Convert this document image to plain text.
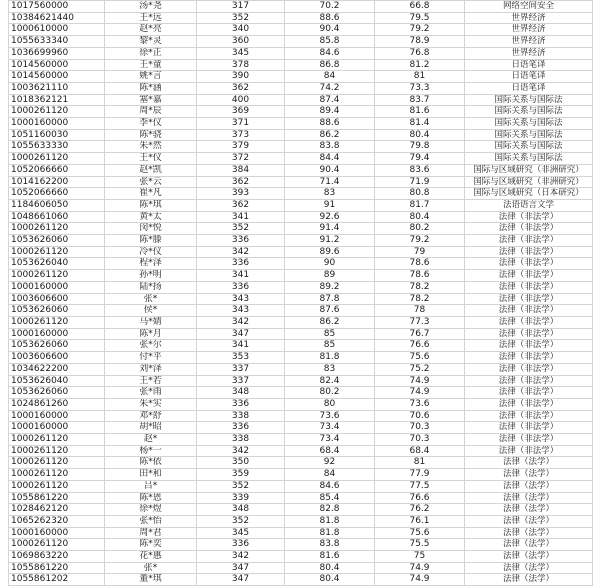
1017560000	汤*尧	317	70.2	66.8	网络空间安全
10384621440	王*远	352	88.6	79.5	世界经济
1000610000	赵*亮	340	90.4	79.2	世界经济
1055633340	黎*灵	360	85.8	78.9	世界经济
1036699960	徐*正	345	84.6	76.8	世界经济
1014560000	王*童	378	86.8	81.2	日语笔译
1014560000	姚*言	390	84	81	日语笔译
1003621110	陈*涵	362	74.2	73.3	日语笔译
1018362121	塞*嘉	400	87.4	83.7	国际关系与国际法
1000261120	周*辰	369	89.4	81.6	国际关系与国际法
1000160000	李*仪	371	88.6	81.4	国际关系与国际法
1051160030	陈*骁	373	86.2	80.4	国际关系与国际法
1055633330	朱*然	379	83.8	79.8	国际关系与国际法
1000261120	王*仪	372	84.4	79.4	国际关系与国际法
1052066660	赵*凯	384	90.4	83.6	国际与区域研究（非洲研究）
1014162200	张*云	362	71.4	71.9	国际与区域研究（非洲研究）
1052066660	崔*凡	393	83	80.8	国际与区域研究（日本研究）
1184606050	陈*琪	362	91	81.7	法语语言文学
1048661060	黄*太	341	92.6	80.4	法律（非法学）
1000261120	闵*悦	352	91.4	80.2	法律（非法学）
1053626060	陈*滕	336	91.2	79.2	法律（非法学）
1000261120	冷*仪	342	89.6	79	法律（非法学）
1053626040	程*泽	336	90	78.6	法律（非法学）
1000261120	孙*明	341	89	78.6	法律（非法学）
1000160000	陆*扬	336	89.2	78.2	法律（非法学）
1003606600	张*	343	87.8	78.2	法律（非法学）
1053626060	侯*	343	87.6	78	法律（非法学）
1000261120	马*婧	342	86.2	77.3	法律（非法学）
1000160000	陈*月	347	85	76.7	法律（非法学）
1053626060	张*尔	341	85	76.6	法律（非法学）
1003606600	付*平	353	81.8	75.6	法律（非法学）
1034622200	刘*泽	337	83	75.2	法律（非法学）
1053626040	王*若	337	82.4	74.9	法律（非法学）
1053626060	张*雨	348	80.2	74.9	法律（非法学）
1024861260	朱*实	336	80	73.6	法律（非法学）
1000160000	邓*舒	338	73.6	70.6	法律（非法学）
1000160000	胡*昭	336	73.4	70.3	法律（非法学）
1000261120	赵*	338	73.4	70.3	法律（非法学）
1000261120	杨*一	342	68.4	68.4	法律（非法学）
1000261120	陈*依	350	92	81	法律（法学）
1000261120	田*和	359	84	77.9	法律（法学）
1000261120	吕*	352	84.6	77.5	法律（法学）
1055861220	陈*恩	339	85.4	76.6	法律（法学）
1028462120	徐*煜	348	82.8	76.2	法律（法学）
1065262320	张*怡	352	81.8	76.1	法律（法学）
1000160000	周*君	345	81.8	75.6	法律（法学）
1000261120	陈*奕	336	83.8	75.5	法律（法学）
1069863220	花*惠	342	81.6	75	法律（法学）
1055861220	张*	347	80.4	74.9	法律（法学）
1055861202	董*琪	347	80.4	74.9	法律（法学）
